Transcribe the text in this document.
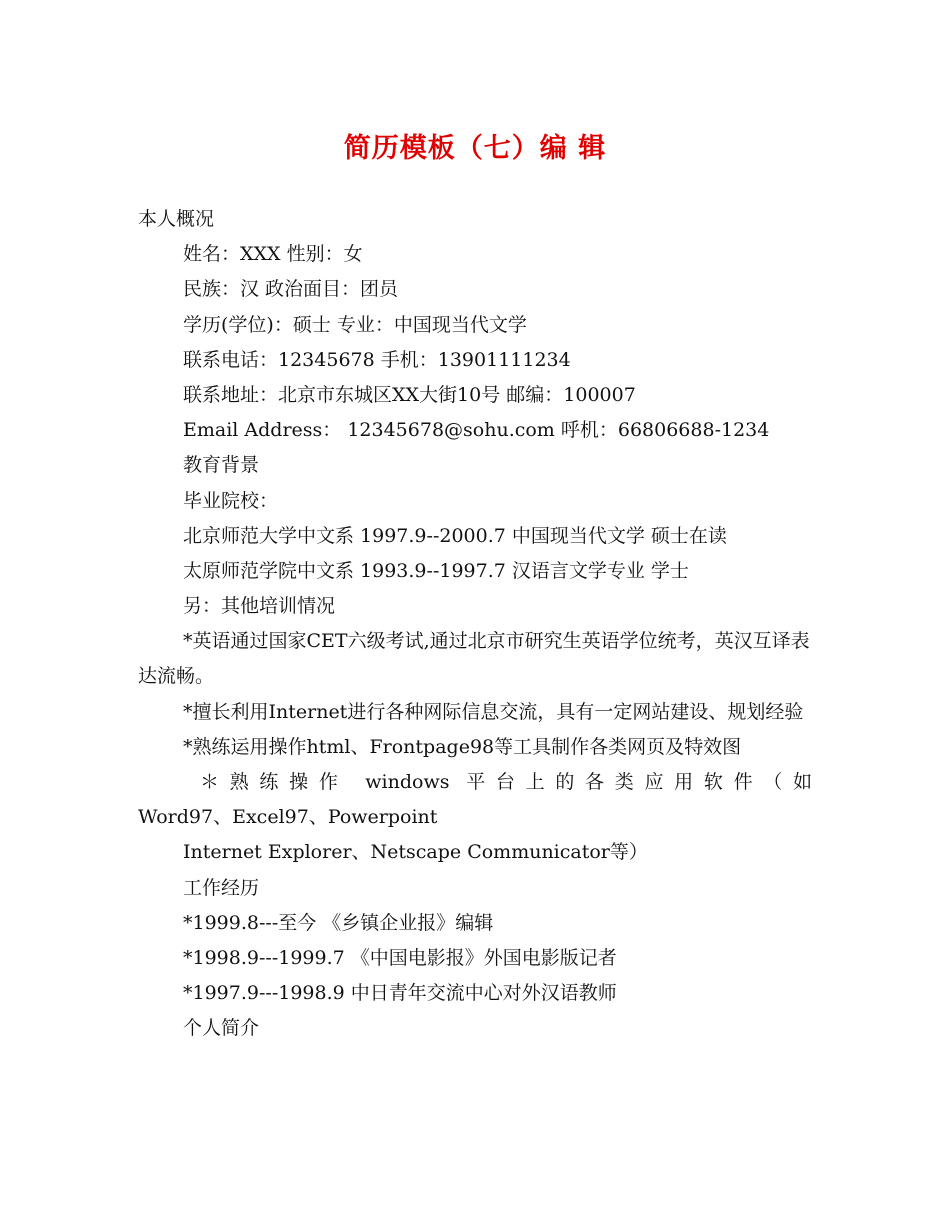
简历模板（七）编 辑
本人概况
姓名：XXX 性别：女
民族：汉 政治面目：团员
学历(学位)：硕士 专业：中国现当代文学
联系电话：12345678 手机：13901111234
联系地址：北京市东城区XX大街10号 邮编：100007
Email Address： 12345678@sohu.com 呼机：66806688-1234
教育背景
毕业院校：
北京师范大学中文系 1997.9--2000.7 中国现当代文学 硕士在读
太原师范学院中文系 1993.9--1997.7 汉语言文学专业 学士
另：其他培训情况
*英语通过国家CET六级考试,通过北京市研究生英语学位统考，英汉互译表达流畅。
*擅长利用Internet进行各种网际信息交流，具有一定网站建设、规划经验
*熟练运用操作html、Frontpage98等工具制作各类网页及特效图
＊熟练操作 windows 平台上的各类应用软件（如
Word97、Excel97、Powerpoint
Internet Explorer、Netscape Communicator等）
工作经历
*1999.8---至今 《乡镇企业报》编辑
*1998.9---1999.7 《中国电影报》外国电影版记者
*1997.9---1998.9 中日青年交流中心对外汉语教师
个人简介
